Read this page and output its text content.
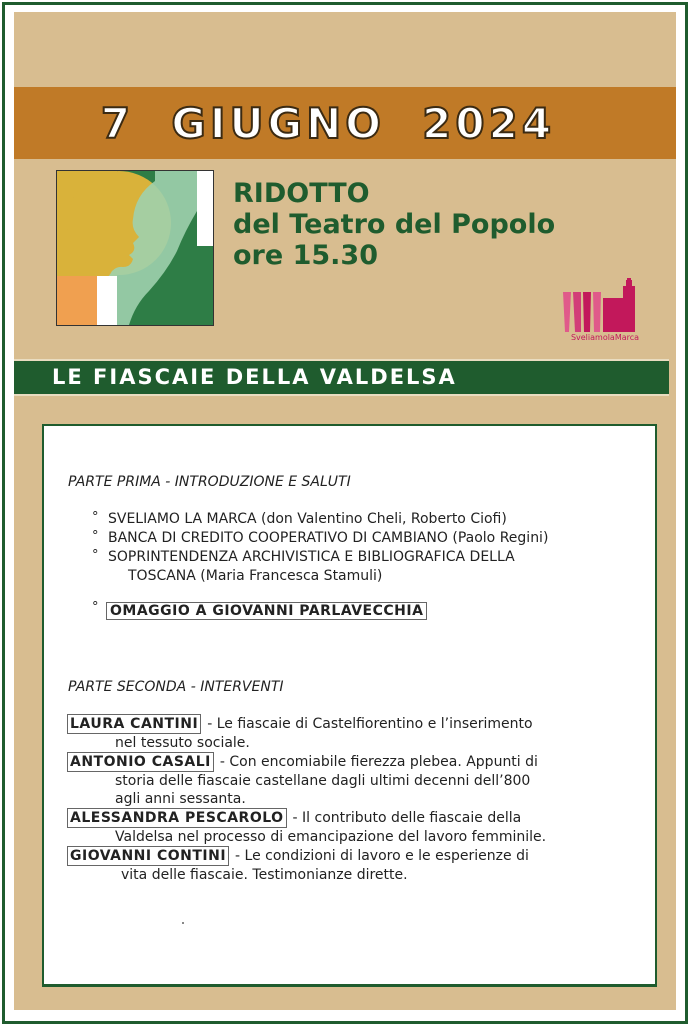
7  GIUGNO  2024
RIDOTTO
del Teatro del Popolo
ore 15.30
SveliamolaMarca
LE FIASCAIE DELLA VALDELSA
PARTE PRIMA - INTRODUZIONE E SALUTI
° SVELIAMO LA MARCA (don Valentino Cheli, Roberto Ciofi)
° BANCA DI CREDITO COOPERATIVO DI CAMBIANO (Paolo Regini)
° SOPRINTENDENZA ARCHIVISTICA E BIBLIOGRAFICA DELLA
TOSCANA (Maria Francesca Stamuli)
° OMAGGIO A GIOVANNI PARLAVECCHIA
PARTE SECONDA - INTERVENTI
LAURA CANTINI - Le fiascaie di Castelfiorentino e l’inserimento
nel tessuto sociale.
ANTONIO CASALI - Con encomiabile fierezza plebea. Appunti di
storia delle fiascaie castellane dagli ultimi decenni dell’800
agli anni sessanta.
ALESSANDRA PESCAROLO - Il contributo delle fiascaie della
Valdelsa nel processo di emancipazione del lavoro femminile.
GIOVANNI CONTINI - Le condizioni di lavoro e le esperienze di
vita delle fiascaie. Testimonianze dirette.
